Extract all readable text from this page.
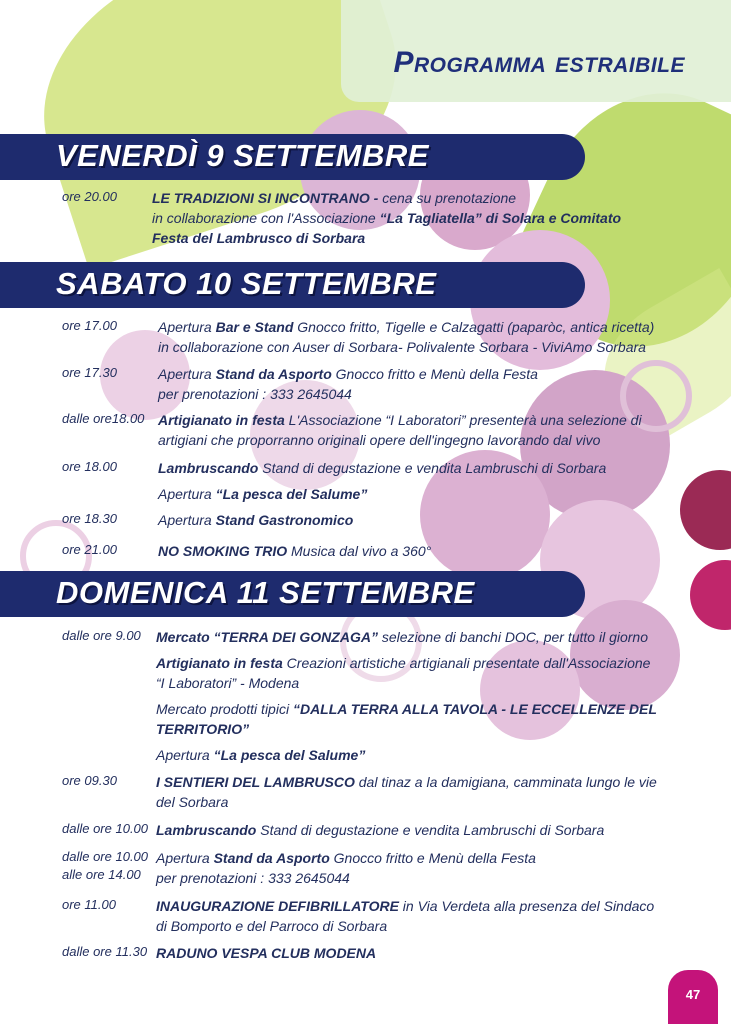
Programma estraibile
VENERDÌ 9 SETTEMBRE
ore 20.00	LE TRADIZIONI SI INCONTRANO - cena su prenotazione
in collaborazione con l'Associazione “La Tagliatella” di Solara e Comitato Festa del Lambrusco di Sorbara
SABATO 10 SETTEMBRE
ore 17.00	Apertura Bar e Stand Gnocco fritto, Tigelle e Calzagatti (paparòc, antica ricetta) in collaborazione con Auser di Sorbara- Polivalente Sorbara - ViviAmo Sorbara
ore 17.30	Apertura Stand da Asporto Gnocco fritto e Menù della Festa
per prenotazioni : 333 2645044
dalle ore18.00 Artigianato in festa L'Associazione “I Laboratori” presenterà una selezione di artigiani che proporranno originali opere dell'ingegno lavorando dal vivo
ore 18.00	Lambruscando Stand di degustazione e vendita Lambruschi di Sorbara
Apertura “La pesca del Salume”
ore 18.30	Apertura Stand Gastronomico
ore 21.00	NO SMOKING TRIO Musica dal vivo a 360°
DOMENICA 11 SETTEMBRE
dalle ore 9.00 Mercato “TERRA DEI GONZAGA” selezione di banchi DOC, per tutto il giorno
Artigianato in festa Creazioni artistiche artigianali presentate dall'Associazione “I Laboratori” - Modena
Mercato prodotti tipici “DALLA TERRA ALLA TAVOLA - LE ECCELLENZE DEL TERRITORIO”
Apertura “La pesca del Salume”
ore 09.30	I SENTIERI DEL LAMBRUSCO dal tinaz a la damigiana, camminata lungo le vie del Sorbara
dalle ore 10.00 Lambruscando Stand di degustazione e vendita Lambruschi di Sorbara
dalle ore 10.00
alle ore 14.00
Apertura Stand da Asporto Gnocco fritto e Menù della Festa
per prenotazioni : 333 2645044
ore 11.00	INAUGURAZIONE DEFIBRILLATORE in Via Verdeta alla presenza del Sindaco di Bomporto e del Parroco di Sorbara
dalle ore 11.30 RADUNO VESPA CLUB MODENA
47
